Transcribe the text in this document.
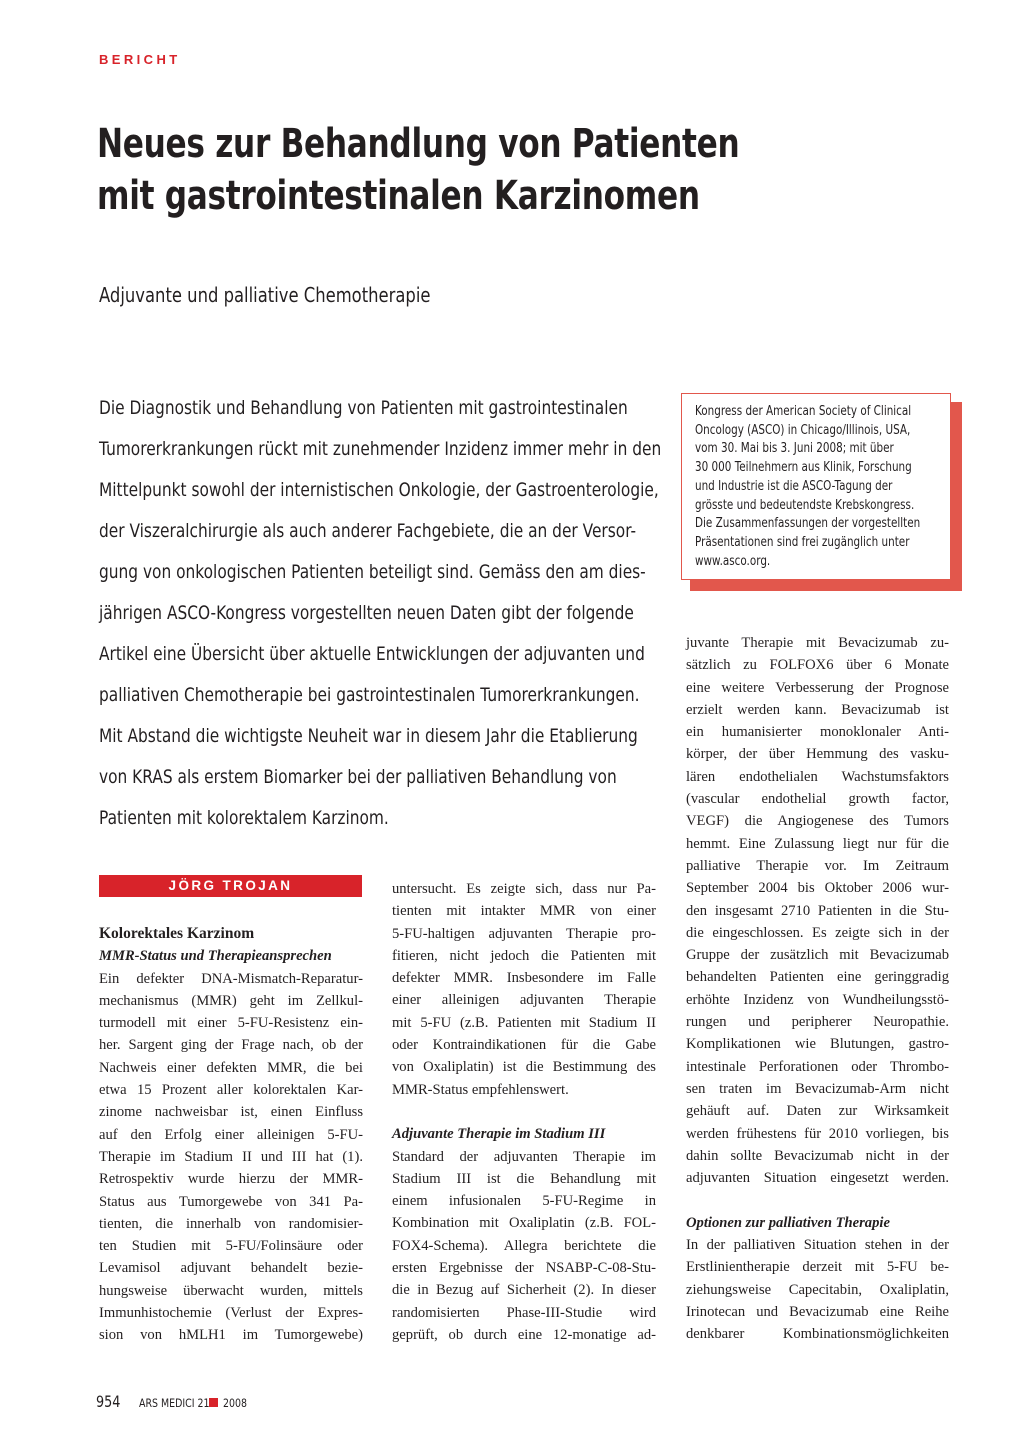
BERICHT
Neues zur Behandlung von Patienten
mit gastrointestinalen Karzinomen
Adjuvante und palliative Chemotherapie
Die Diagnostik und Behandlung von Patienten mit gastrointestinalen
Tumorerkrankungen rückt mit zunehmender Inzidenz immer mehr in den
Mittelpunkt sowohl der internistischen Onkologie, der Gastroenterologie,
der Viszeralchirurgie als auch anderer Fachgebiete, die an der Versor-
gung von onkologischen Patienten beteiligt sind. Gemäss den am dies-
jährigen ASCO-Kongress vorgestellten neuen Daten gibt der folgende
Artikel eine Übersicht über aktuelle Entwicklungen der adjuvanten und
palliativen Chemotherapie bei gastrointestinalen Tumorerkrankungen.
Mit Abstand die wichtigste Neuheit war in diesem Jahr die Etablierung
von KRAS als erstem Biomarker bei der palliativen Behandlung von
Patienten mit kolorektalem Karzinom.
Kongress der American Society of Clinical
Oncology (ASCO) in Chicago/Illinois, USA,
vom 30. Mai bis 3. Juni 2008; mit über
30 000 Teilnehmern aus Klinik, Forschung
und Industrie ist die ASCO-Tagung der
grösste und bedeutendste Krebskongress.
Die Zusammenfassungen der vorgestellten
Präsentationen sind frei zugänglich unter
www.asco.org.
JÖRG TROJAN
Kolorektales Karzinom
MMR-Status und Therapieansprechen
Ein defekter DNA-Mismatch-Reparatur-
mechanismus (MMR) geht im Zellkul-
turmodell mit einer 5-FU-Resistenz ein-
her. Sargent ging der Frage nach, ob der
Nachweis einer defekten MMR, die bei
etwa 15 Prozent aller kolorektalen Kar-
zinome nachweisbar ist, einen Einfluss
auf den Erfolg einer alleinigen 5-FU-
Therapie im Stadium II und III hat (1).
Retrospektiv wurde hierzu der MMR-
Status aus Tumorgewebe von 341 Pa-
tienten, die innerhalb von randomisier-
ten Studien mit 5-FU/Folinsäure oder
Levamisol adjuvant behandelt bezie-
hungsweise überwacht wurden, mittels
Immunhistochemie (Verlust der Expres-
sion von hMLH1 im Tumorgewebe)
untersucht. Es zeigte sich, dass nur Pa-
tienten mit intakter MMR von einer
5-FU-haltigen adjuvanten Therapie pro-
fitieren, nicht jedoch die Patienten mit
defekter MMR. Insbesondere im Falle
einer alleinigen adjuvanten Therapie
mit 5-FU (z.B. Patienten mit Stadium II
oder Kontraindikationen für die Gabe
von Oxaliplatin) ist die Bestimmung des
MMR-Status empfehlenswert.
Adjuvante Therapie im Stadium III
Standard der adjuvanten Therapie im
Stadium III ist die Behandlung mit
einem infusionalen 5-FU-Regime in
Kombination mit Oxaliplatin (z.B. FOL-
FOX4-Schema). Allegra berichtete die
ersten Ergebnisse der NSABP-C-08-Stu-
die in Bezug auf Sicherheit (2). In dieser
randomisierten Phase-III-Studie wird
geprüft, ob durch eine 12-monatige ad-
juvante Therapie mit Bevacizumab zu-
sätzlich zu FOLFOX6 über 6 Monate
eine weitere Verbesserung der Prognose
erzielt werden kann. Bevacizumab ist
ein humanisierter monoklonaler Anti-
körper, der über Hemmung des vasku-
lären endothelialen Wachstumsfaktors
(vascular endothelial growth factor,
VEGF) die Angiogenese des Tumors
hemmt. Eine Zulassung liegt nur für die
palliative Therapie vor. Im Zeitraum
September 2004 bis Oktober 2006 wur-
den insgesamt 2710 Patienten in die Stu-
die eingeschlossen. Es zeigte sich in der
Gruppe der zusätzlich mit Bevacizumab
behandelten Patienten eine geringgradig
erhöhte Inzidenz von Wundheilungsstö-
rungen und peripherer Neuropathie.
Komplikationen wie Blutungen, gastro-
intestinale Perforationen oder Thrombo-
sen traten im Bevacizumab-Arm nicht
gehäuft auf. Daten zur Wirksamkeit
werden frühestens für 2010 vorliegen, bis
dahin sollte Bevacizumab nicht in der
adjuvanten Situation eingesetzt werden.
Optionen zur palliativen Therapie
In der palliativen Situation stehen in der
Erstlinientherapie derzeit mit 5-FU be-
ziehungsweise Capecitabin, Oxaliplatin,
Irinotecan und Bevacizumab eine Reihe
denkbarer Kombinationsmöglichkeiten
954 ARS MEDICI 21 2008
